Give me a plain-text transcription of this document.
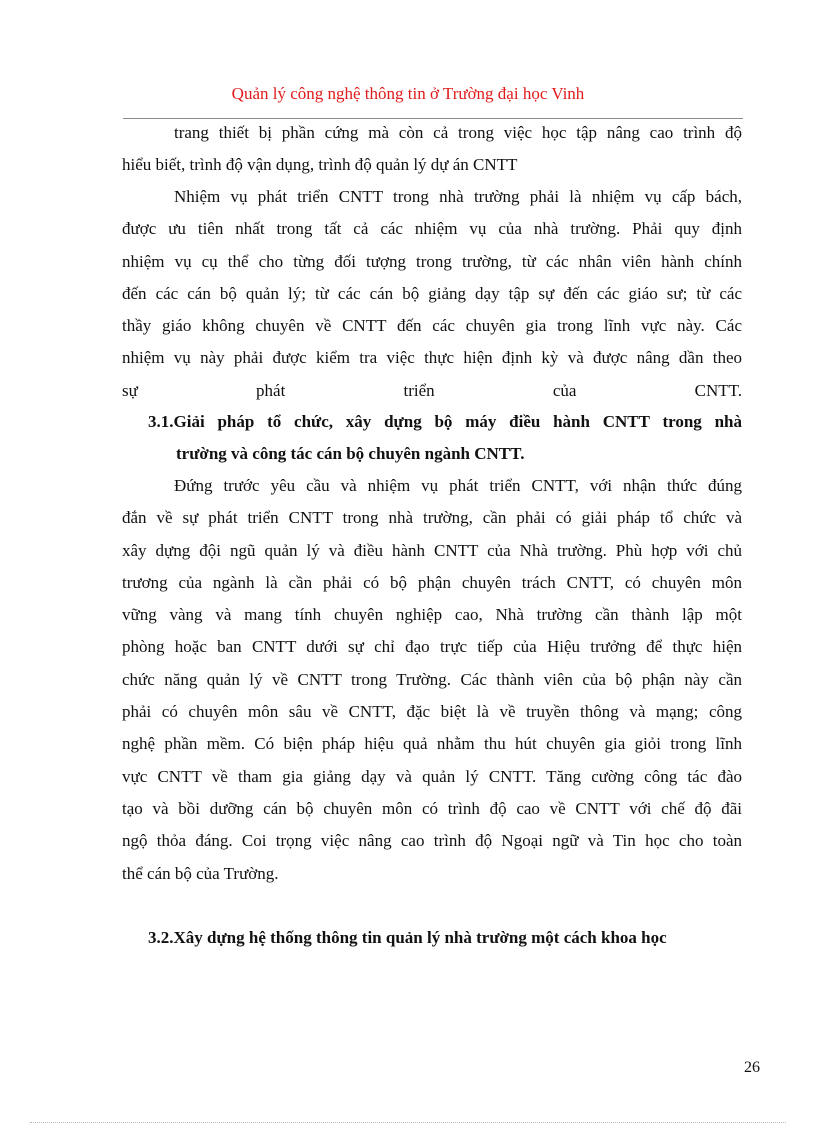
Quản lý công nghệ thông tin ở Trường đại học Vinh
trang thiết bị phần cứng mà còn cả trong việc học tập nâng cao trình độ
hiểu biết, trình độ vận dụng, trình độ quản lý dự án CNTT
Nhiệm vụ phát triển CNTT trong nhà trường phải là nhiệm vụ cấp bách,
được ưu tiên nhất trong tất cả các nhiệm vụ của nhà trường. Phải quy định
nhiệm vụ cụ thể cho từng đối tượng trong trường, từ các nhân viên hành chính
đến các cán bộ quản lý; từ các cán bộ giảng dạy tập sự đến các giáo sư; từ các
thầy giáo không chuyên về CNTT đến các chuyên gia trong lĩnh vực này. Các
nhiệm vụ này phải được kiểm tra việc thực hiện định kỳ và được nâng dần theo
sự phát triển của CNTT.
3.1.Giải pháp tổ chức, xây dựng bộ máy điều hành CNTT trong nhà
trường và công tác cán bộ chuyên ngành CNTT.
Đứng trước yêu cầu và nhiệm vụ phát triển CNTT, với nhận thức đúng
đắn về sự phát triển CNTT trong nhà trường, cần phải có giải pháp tổ chức và
xây dựng đội ngũ quản lý và điều hành CNTT của Nhà trường. Phù hợp với chủ
trương của ngành là cần phải có bộ phận chuyên trách CNTT, có chuyên môn
vững vàng và mang tính chuyên nghiệp cao, Nhà trường cần thành lập một
phòng hoặc ban CNTT dưới sự chỉ đạo trực tiếp của Hiệu trưởng để thực hiện
chức năng quản lý về CNTT trong Trường. Các thành viên của bộ phận này cần
phải có chuyên môn sâu về CNTT, đặc biệt là về truyền thông và mạng; công
nghệ phần mềm. Có biện pháp hiệu quả nhằm thu hút chuyên gia giỏi trong lĩnh
vực CNTT về tham gia giảng dạy và quản lý CNTT. Tăng cường công tác đào
tạo và bồi dưỡng cán bộ chuyên môn có trình độ cao về CNTT với chế độ đãi
ngộ thỏa đáng. Coi trọng việc nâng cao trình độ Ngoại ngữ và Tin học cho toàn
thể cán bộ của Trường.
3.2.Xây dựng hệ thống thông tin quản lý nhà trường một cách khoa học
26
